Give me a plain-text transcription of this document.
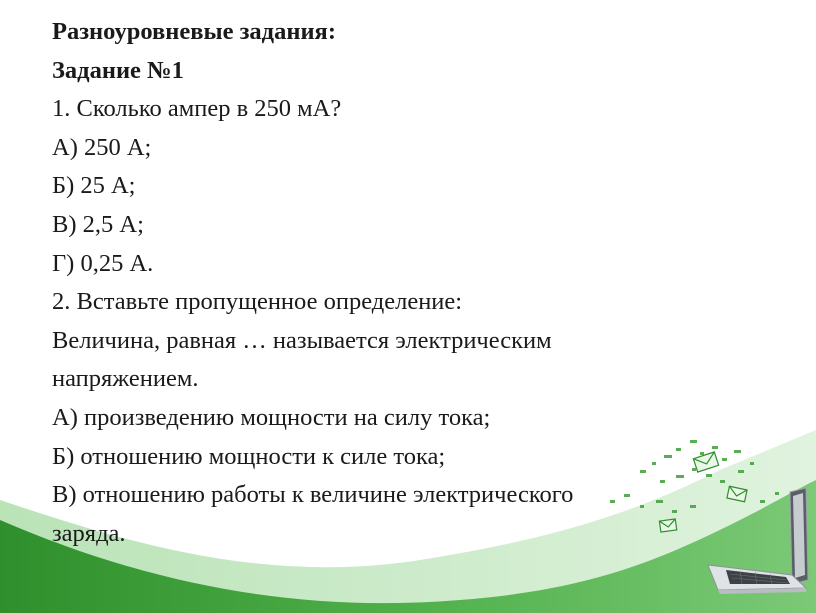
Разноуровневые задания:
Задание №1
1. Сколько ампер в 250 мА?
А) 250 А;
Б) 25 А;
В) 2,5 А;
Г) 0,25 А.
2. Вставьте пропущенное определение:
Величина, равная … называется электрическим
напряжением.
А) произведению мощности на силу тока;
Б) отношению мощности к силе тока;
В) отношению работы к величине электрического
заряда.
